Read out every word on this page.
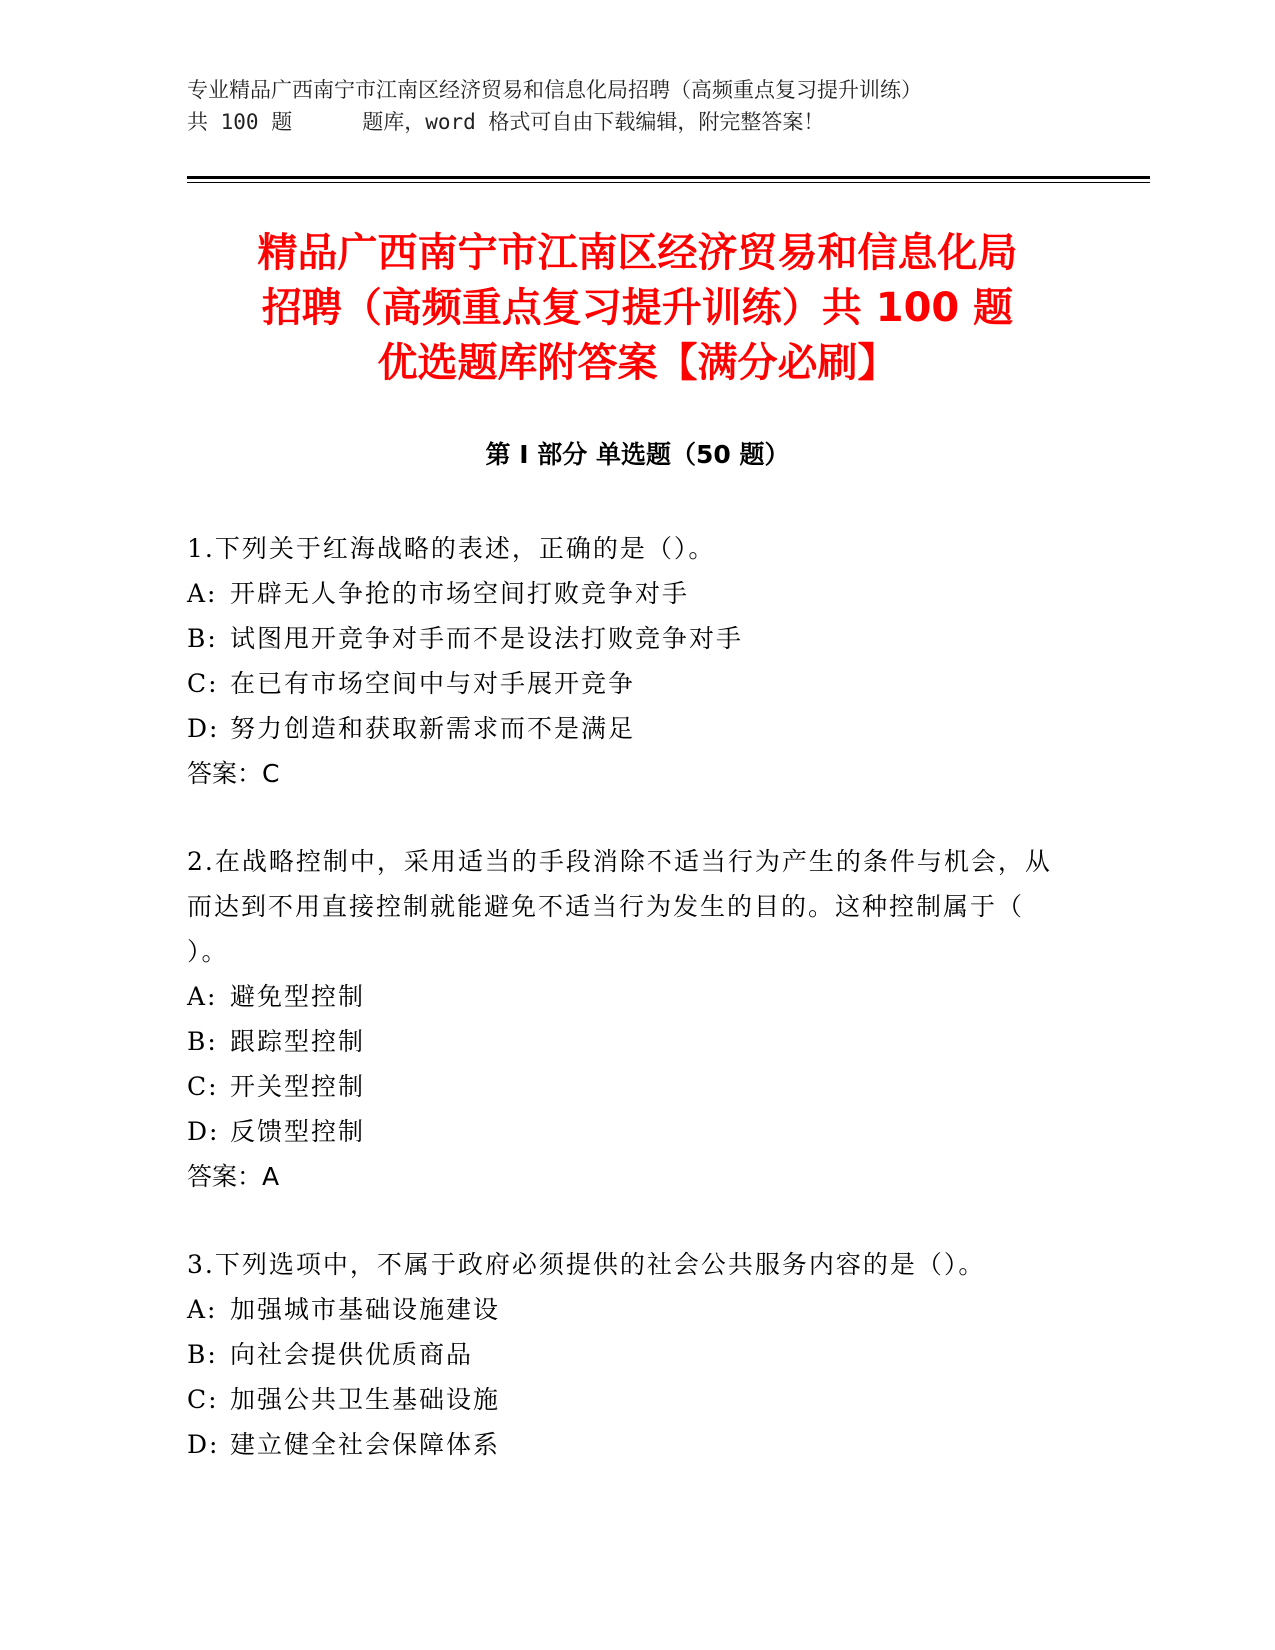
专业精品广西南宁市江南区经济贸易和信息化局招聘（高频重点复习提升训练）
共 100 题	题库，word 格式可自由下载编辑，附完整答案！
精品广西南宁市江南区经济贸易和信息化局
招聘（高频重点复习提升训练）共 100 题
优选题库附答案【满分必刷】
第 I 部分 单选题（50 题）
1.下列关于红海战略的表述，正确的是（）。
A: 开辟无人争抢的市场空间打败竞争对手
B: 试图甩开竞争对手而不是设法打败竞争对手
C: 在已有市场空间中与对手展开竞争
D: 努力创造和获取新需求而不是满足
答案：C
2.在战略控制中，采用适当的手段消除不适当行为产生的条件与机会，从而达到不用直接控制就能避免不适当行为发生的目的。这种控制属于（　　　　　）。
A: 避免型控制
B: 跟踪型控制
C: 开关型控制
D: 反馈型控制
答案：A
3.下列选项中，不属于政府必须提供的社会公共服务内容的是（）。
A: 加强城市基础设施建设
B: 向社会提供优质商品
C: 加强公共卫生基础设施
D: 建立健全社会保障体系
